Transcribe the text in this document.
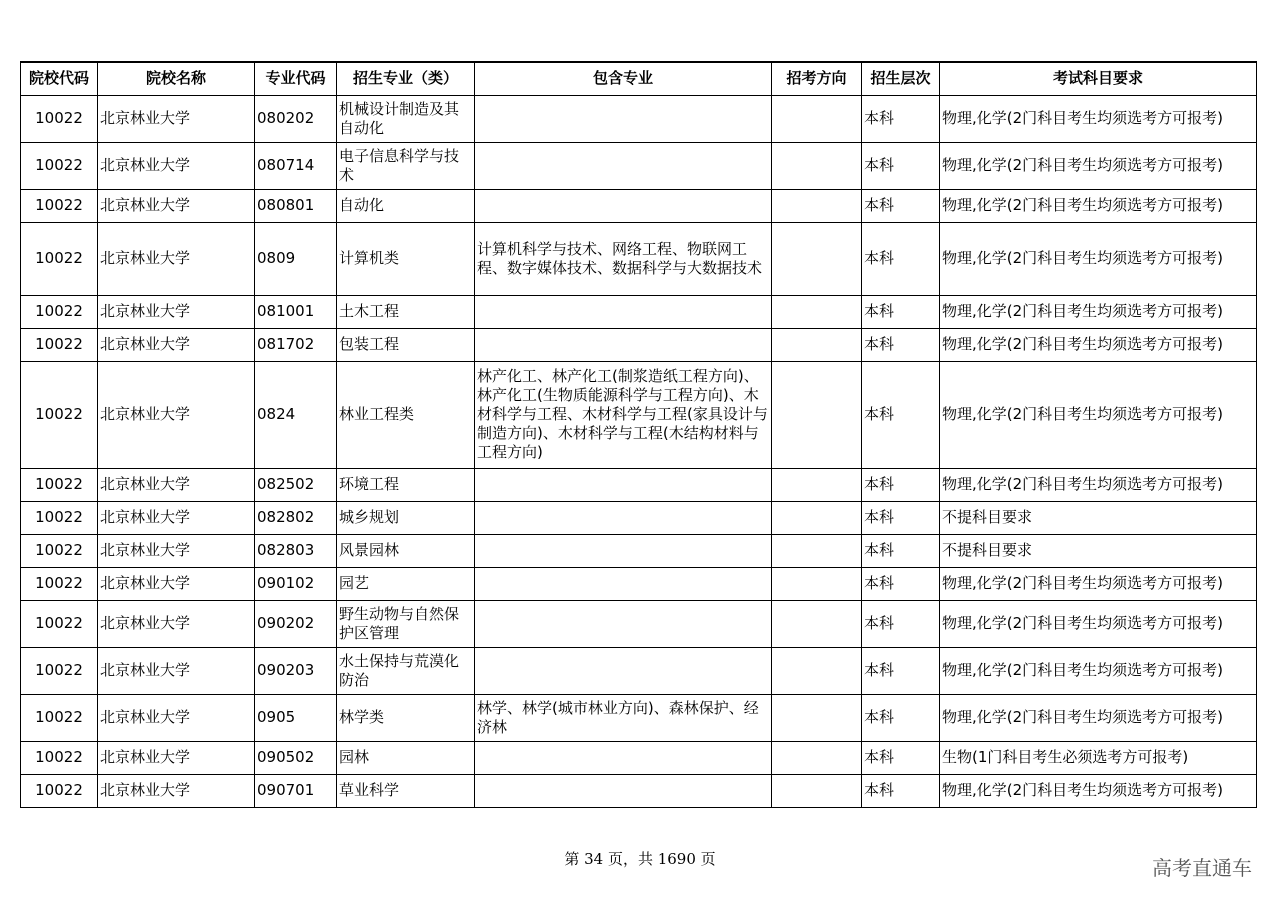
院校代码	院校名称	专业代码	招生专业（类）	包含专业	招考方向	招生层次	考试科目要求
10022	北京林业大学	080202	机械设计制造及其自动化			本科	物理,化学(2门科目考生均须选考方可报考)
10022	北京林业大学	080714	电子信息科学与技术			本科	物理,化学(2门科目考生均须选考方可报考)
10022	北京林业大学	080801	自动化			本科	物理,化学(2门科目考生均须选考方可报考)
10022	北京林业大学	0809	计算机类	计算机科学与技术、网络工程、物联网工程、数字媒体技术、数据科学与大数据技术		本科	物理,化学(2门科目考生均须选考方可报考)
10022	北京林业大学	081001	土木工程			本科	物理,化学(2门科目考生均须选考方可报考)
10022	北京林业大学	081702	包装工程			本科	物理,化学(2门科目考生均须选考方可报考)
10022	北京林业大学	0824	林业工程类	林产化工、林产化工(制浆造纸工程方向)、林产化工(生物质能源科学与工程方向)、木材科学与工程、木材科学与工程(家具设计与制造方向)、木材科学与工程(木结构材料与工程方向)		本科	物理,化学(2门科目考生均须选考方可报考)
10022	北京林业大学	082502	环境工程			本科	物理,化学(2门科目考生均须选考方可报考)
10022	北京林业大学	082802	城乡规划			本科	不提科目要求
10022	北京林业大学	082803	风景园林			本科	不提科目要求
10022	北京林业大学	090102	园艺			本科	物理,化学(2门科目考生均须选考方可报考)
10022	北京林业大学	090202	野生动物与自然保护区管理			本科	物理,化学(2门科目考生均须选考方可报考)
10022	北京林业大学	090203	水土保持与荒漠化防治			本科	物理,化学(2门科目考生均须选考方可报考)
10022	北京林业大学	0905	林学类	林学、林学(城市林业方向)、森林保护、经济林		本科	物理,化学(2门科目考生均须选考方可报考)
10022	北京林业大学	090502	园林			本科	生物(1门科目考生必须选考方可报考)
10022	北京林业大学	090701	草业科学			本科	物理,化学(2门科目考生均须选考方可报考)
第 34 页，共 1690 页	高考直通车
